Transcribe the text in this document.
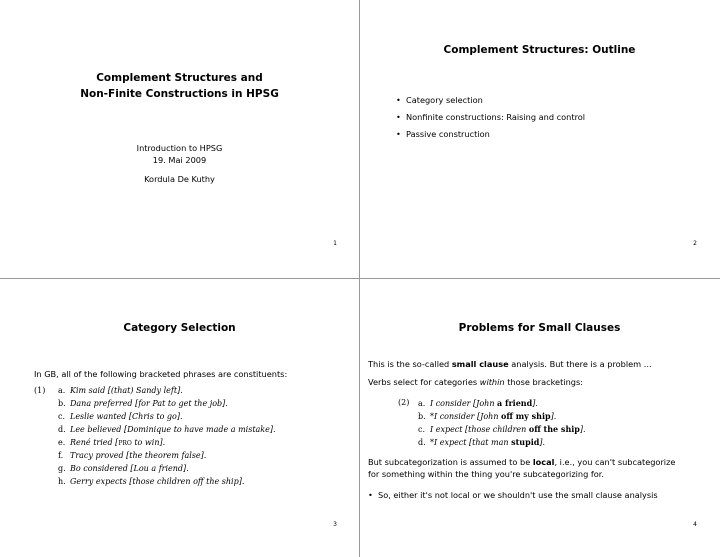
Complement Structures and
Non-Finite Constructions in HPSG
Introduction to HPSG
19. Mai 2009
Kordula De Kuthy
1
Complement Structures: Outline
• Category selection
• Nonfinite constructions: Raising and control
• Passive construction
2
Category Selection
In GB, all of the following bracketed phrases are constituents:
(1) a. Kim said [(that) Sandy left].
b. Dana preferred [for Pat to get the job].
c. Leslie wanted [Chris to go].
d. Lee believed [Dominique to have made a mistake].
e. René tried [pro to win].
f. Tracy proved [the theorem false].
g. Bo considered [Lou a friend].
h. Gerry expects [those children off the ship].
3
Problems for Small Clauses
This is the so-called small clause analysis. But there is a problem ...
Verbs select for categories within those bracketings:
(2) a. I consider [John a friend].
b. *I consider [John off my ship].
c. I expect [those children off the ship].
d. *I expect [that man stupid].
But subcategorization is assumed to be local, i.e., you can't subcategorize
for something within the thing you're subcategorizing for.
• So, either it's not local or we shouldn't use the small clause analysis
4
